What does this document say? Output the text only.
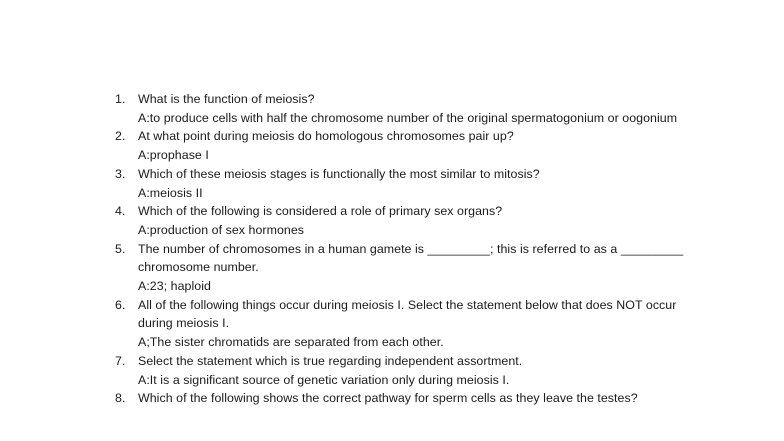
1.	What is the function of meiosis?
A:to produce cells with half the chromosome number of the original spermatogonium or oogonium
2.	At what point during meiosis do homologous chromosomes pair up?
A:prophase I
3.	Which of these meiosis stages is functionally the most similar to mitosis?
A:meiosis II
4.	Which of the following is considered a role of primary sex organs?
A:production of sex hormones
5.	The number of chromosomes in a human gamete is _________; this is referred to as a _________ chromosome number.
A:23; haploid
6.	All of the following things occur during meiosis I. Select the statement below that does NOT occur during meiosis I.
A;The sister chromatids are separated from each other.
7.	Select the statement which is true regarding independent assortment.
A:It is a significant source of genetic variation only during meiosis I.
8.	Which of the following shows the correct pathway for sperm cells as they leave the testes?
